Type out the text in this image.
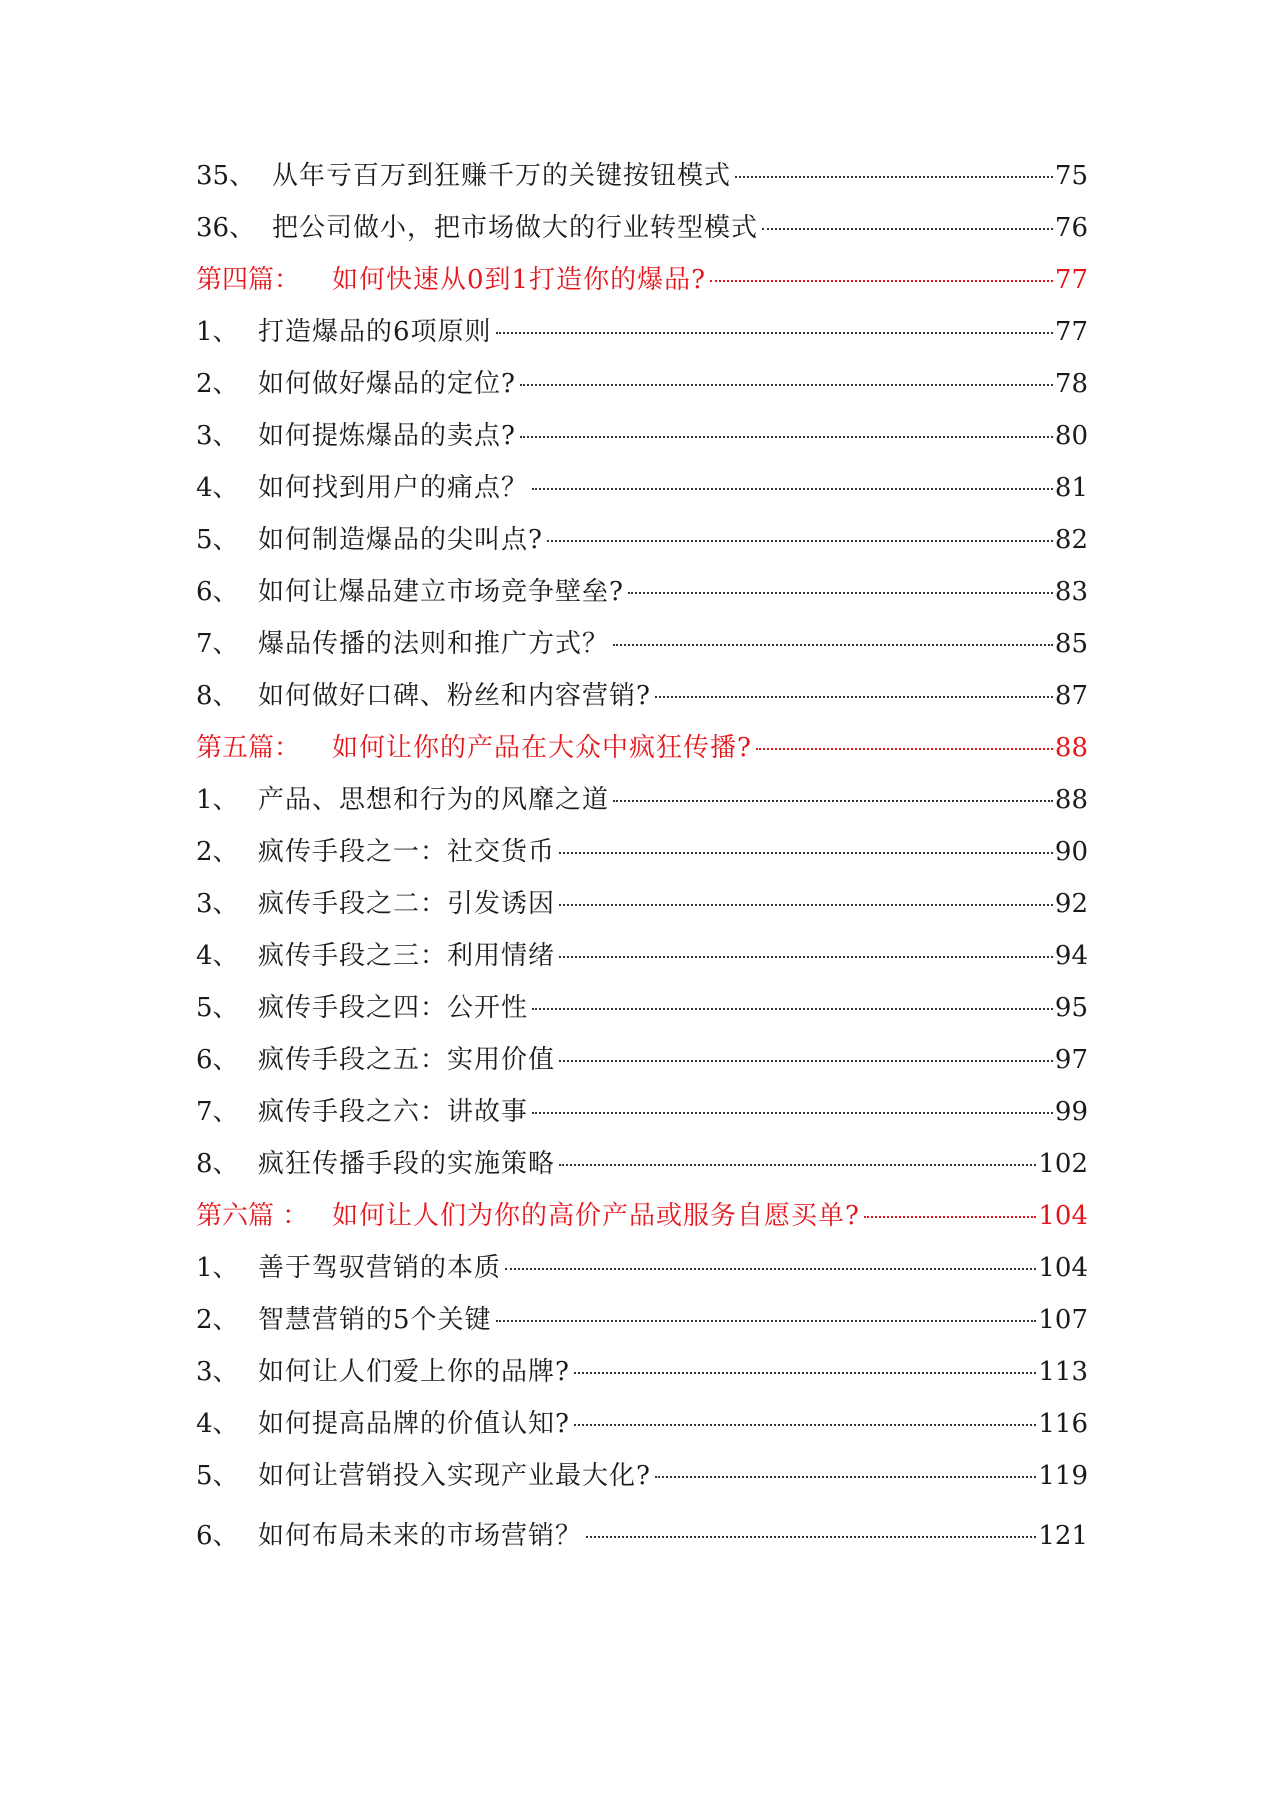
35、 从年亏百万到狂赚千万的关键按钮模式	75
36、 把公司做小，把市场做大的行业转型模式	76
第四篇：	如何快速从0到1打造你的爆品?	77
1、 打造爆品的6项原则	77
2、 如何做好爆品的定位?	78
3、 如何提炼爆品的卖点?	80
4、 如何找到用户的痛点？	81
5、 如何制造爆品的尖叫点?	82
6、 如何让爆品建立市场竞争壁垒?	83
7、 爆品传播的法则和推广方式？	85
8、 如何做好口碑、粉丝和内容营销?	87
第五篇：	如何让你的产品在大众中疯狂传播?	88
1、 产品、思想和行为的风靡之道	88
2、 疯传手段之一：社交货币	90
3、 疯传手段之二：引发诱因	92
4、 疯传手段之三：利用情绪	94
5、 疯传手段之四：公开性	95
6、 疯传手段之五：实用价值	97
7、 疯传手段之六：讲故事	99
8、 疯狂传播手段的实施策略	102
第六篇 ： 如何让人们为你的高价产品或服务自愿买单?	104
1、 善于驾驭营销的本质	104
2、 智慧营销的5个关键	107
3、 如何让人们爱上你的品牌?	113
4、 如何提高品牌的价值认知?	116
5、 如何让营销投入实现产业最大化?	119
6、 如何布局未来的市场营销？	121
